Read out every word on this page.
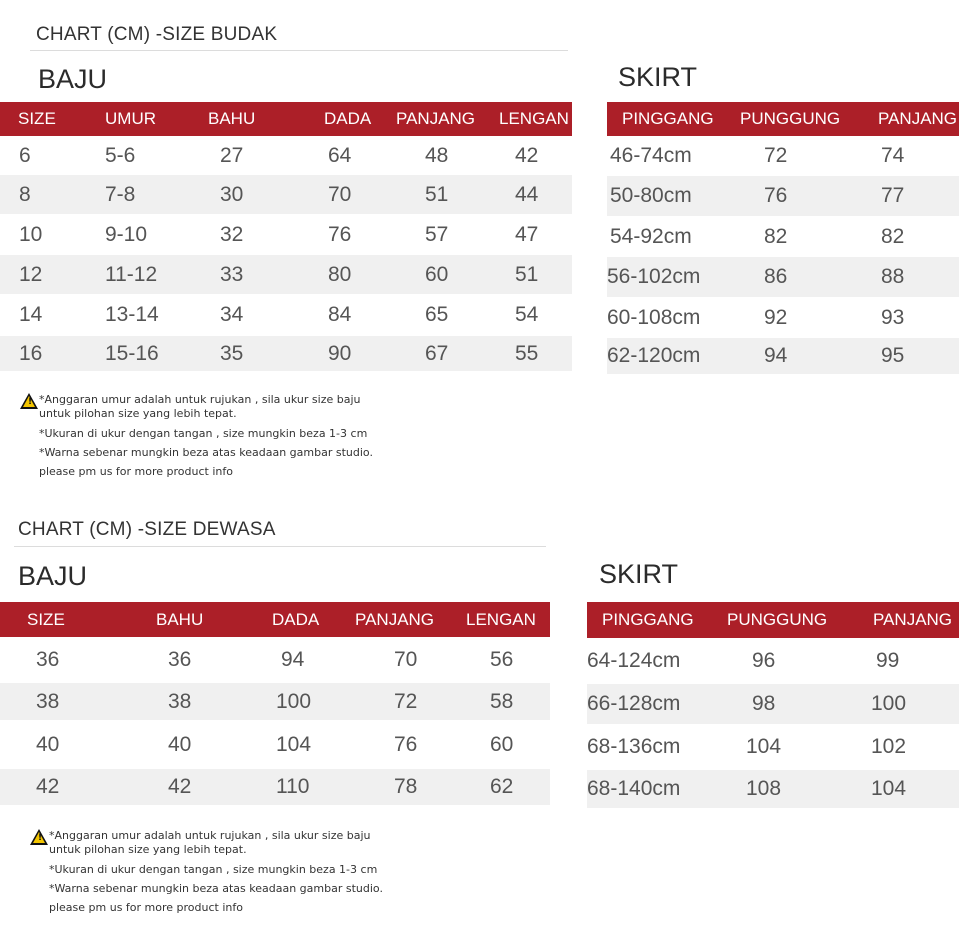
CHART (CM) -SIZE BUDAK
BAJU	SKIRT
SIZE	UMUR	BAHU	DADA	PANJANG	LENGAN
6	5-6	27	64	48	42
8	7-8	30	70	51	44
10	9-10	32	76	57	47
12	11-12	33	80	60	51
14	13-14	34	84	65	54
16	15-16	35	90	67	55
PINGGANG	PUNGGUNG	PANJANG
46-74cm	72	74
50-80cm	76	77
54-92cm	82	82
56-102cm	86	88
60-108cm	92	93
62-120cm	94	95
! *Anggaran umur adalah untuk rujukan , sila ukur size baju

untuk pilohan size yang lebih tepat.

*Ukuran di ukur dengan tangan , size mungkin beza 1-3 cm

*Warna sebenar mungkin beza atas keadaan gambar studio.

please pm us for more product info

CHART (CM) -SIZE DEWASA
BAJU	SKIRT
SIZE	BAHU	DADA	PANJANG	LENGAN
36	36	94	70	56
38	38	100	72	58
40	40	104	76	60
42	42	110	78	62
PINGGANG	PUNGGUNG	PANJANG
64-124cm	96	99
66-128cm	98	100
68-136cm	104	102
68-140cm	108	104
! *Anggaran umur adalah untuk rujukan , sila ukur size baju

untuk pilohan size yang lebih tepat.

*Ukuran di ukur dengan tangan , size mungkin beza 1-3 cm

*Warna sebenar mungkin beza atas keadaan gambar studio.

please pm us for more product info
